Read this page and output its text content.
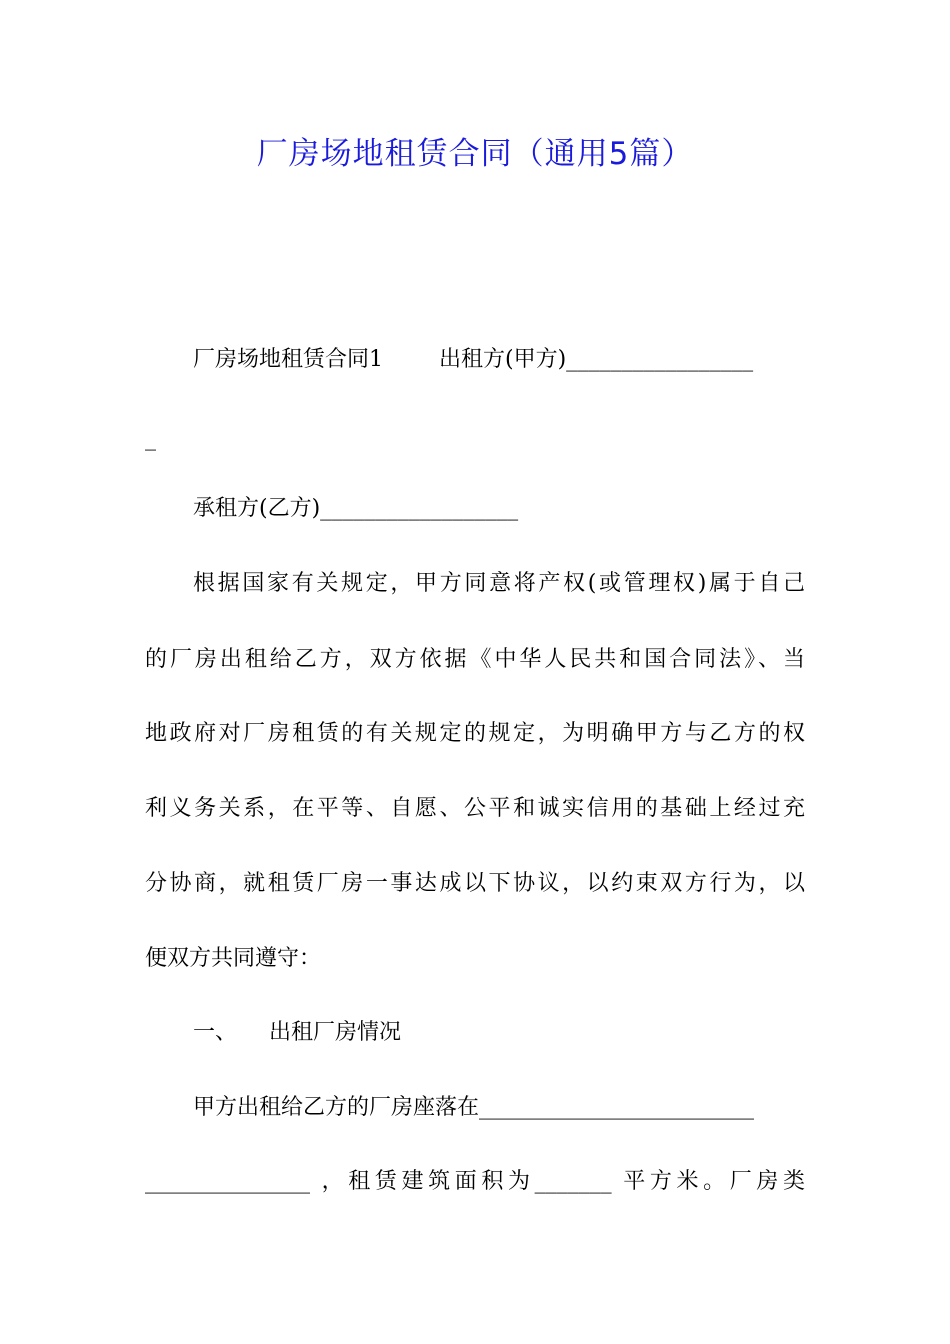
厂房场地租赁合同（通用5篇）

厂房场地租赁合同1	出租方(甲方)_________________

_

承租方(乙方)__________________

根据国家有关规定，甲方同意将产权(或管理权)属于自己

的厂房出租给乙方，双方依据《中华人民共和国合同法》、当

地政府对厂房租赁的有关规定的规定，为明确甲方与乙方的权

利义务关系，在平等、自愿、公平和诚实信用的基础上经过充

分协商，就租赁厂房一事达成以下协议，以约束双方行为，以

便双方共同遵守：

一、 出租厂房情况

甲方出租给乙方的厂房座落在_________________________

_______________ ，租赁建筑面积为_______ 平方米。厂房类
